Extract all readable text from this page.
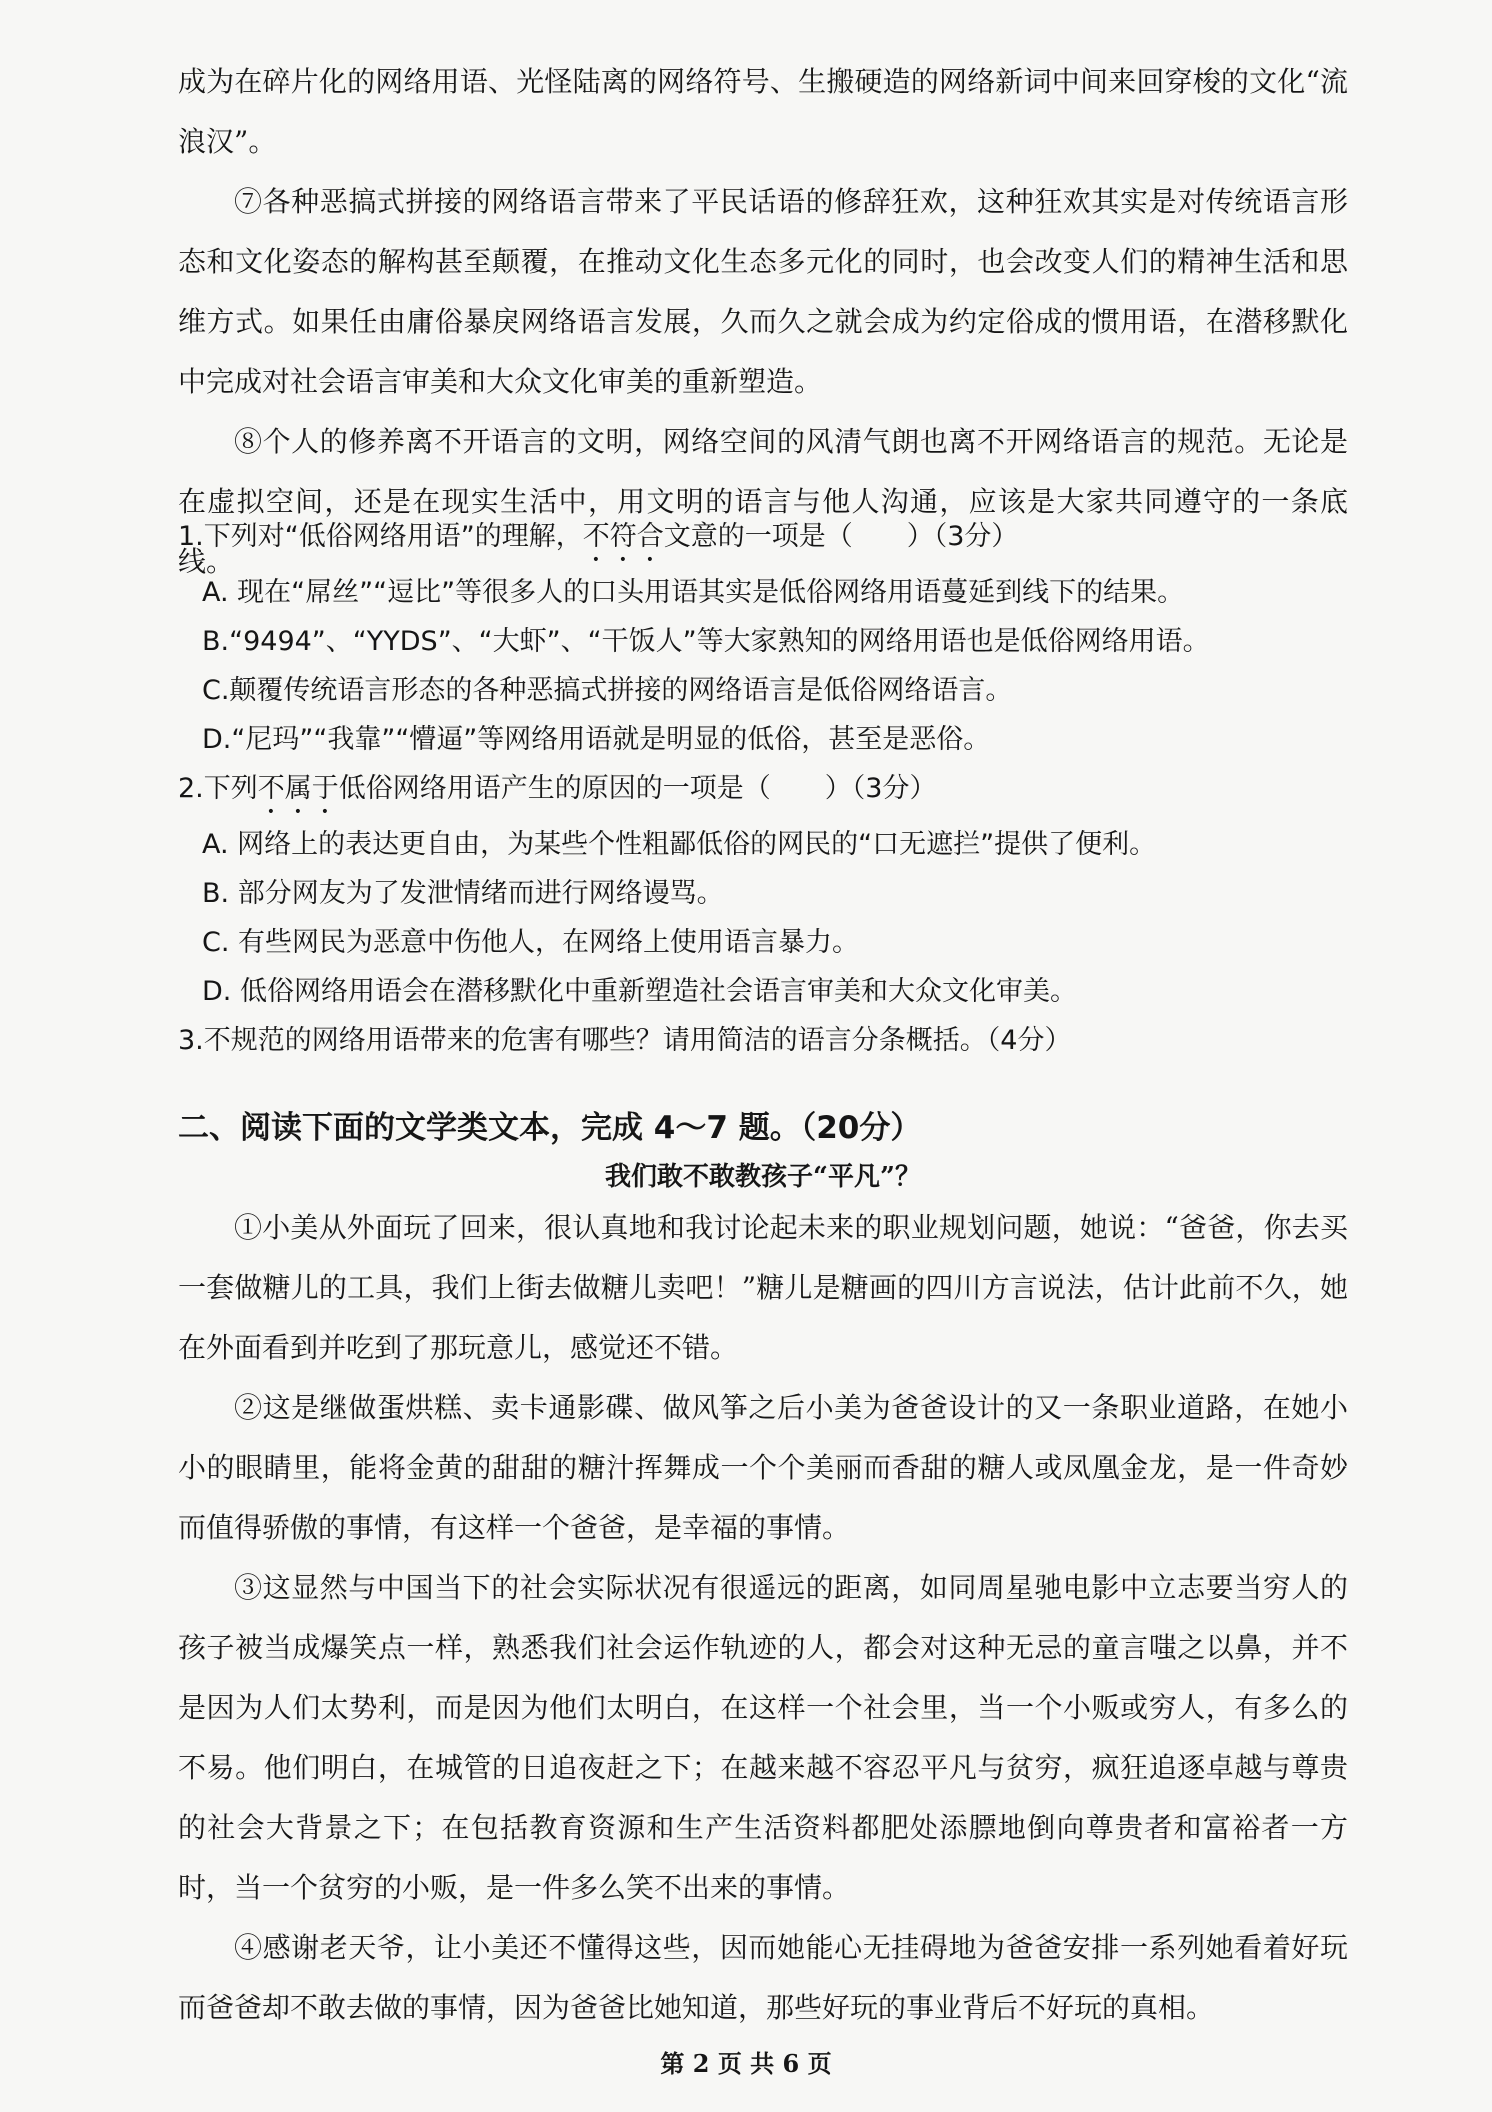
成为在碎片化的网络用语、光怪陆离的网络符号、生搬硬造的网络新词中间来回穿梭的文化“流浪汉”。

⑦各种恶搞式拼接的网络语言带来了平民话语的修辞狂欢，这种狂欢其实是对传统语言形态和文化姿态的解构甚至颠覆，在推动文化生态多元化的同时，也会改变人们的精神生活和思维方式。如果任由庸俗暴戾网络语言发展，久而久之就会成为约定俗成的惯用语，在潜移默化中完成对社会语言审美和大众文化审美的重新塑造。

⑧个人的修养离不开语言的文明，网络空间的风清气朗也离不开网络语言的规范。无论是在虚拟空间，还是在现实生活中，用文明的语言与他人沟通，应该是大家共同遵守的一条底线。

1.下列对“低俗网络用语”的理解，不符合文意的一项是（　　）（3分）

A. 现在“屌丝”“逗比”等很多人的口头用语其实是低俗网络用语蔓延到线下的结果。

B.“9494”、“YYDS”、“大虾”、“干饭人”等大家熟知的网络用语也是低俗网络用语。

C.颠覆传统语言形态的各种恶搞式拼接的网络语言是低俗网络语言。

D.“尼玛”“我靠”“懵逼”等网络用语就是明显的低俗，甚至是恶俗。

2.下列不属于低俗网络用语产生的原因的一项是（　　）（3分）

A. 网络上的表达更自由，为某些个性粗鄙低俗的网民的“口无遮拦”提供了便利。

B. 部分网友为了发泄情绪而进行网络谩骂。

C. 有些网民为恶意中伤他人，在网络上使用语言暴力。

D. 低俗网络用语会在潜移默化中重新塑造社会语言审美和大众文化审美。

3.不规范的网络用语带来的危害有哪些？请用简洁的语言分条概括。（4分）

二、阅读下面的文学类文本，完成 4～7 题。（20分）

我们敢不敢教孩子“平凡”？

①小美从外面玩了回来，很认真地和我讨论起未来的职业规划问题，她说：“爸爸，你去买一套做糖儿的工具，我们上街去做糖儿卖吧！”糖儿是糖画的四川方言说法，估计此前不久，她在外面看到并吃到了那玩意儿，感觉还不错。

②这是继做蛋烘糕、卖卡通影碟、做风筝之后小美为爸爸设计的又一条职业道路，在她小小的眼睛里，能将金黄的甜甜的糖汁挥舞成一个个美丽而香甜的糖人或凤凰金龙，是一件奇妙而值得骄傲的事情，有这样一个爸爸，是幸福的事情。

③这显然与中国当下的社会实际状况有很遥远的距离，如同周星驰电影中立志要当穷人的孩子被当成爆笑点一样，熟悉我们社会运作轨迹的人，都会对这种无忌的童言嗤之以鼻，并不是因为人们太势利，而是因为他们太明白，在这样一个社会里，当一个小贩或穷人，有多么的不易。他们明白，在城管的日追夜赶之下；在越来越不容忍平凡与贫穷，疯狂追逐卓越与尊贵的社会大背景之下；在包括教育资源和生产生活资料都肥处添膘地倒向尊贵者和富裕者一方时，当一个贫穷的小贩，是一件多么笑不出来的事情。

④感谢老天爷，让小美还不懂得这些，因而她能心无挂碍地为爸爸安排一系列她看着好玩而爸爸却不敢去做的事情，因为爸爸比她知道，那些好玩的事业背后不好玩的真相。

第 2 页 共 6 页
